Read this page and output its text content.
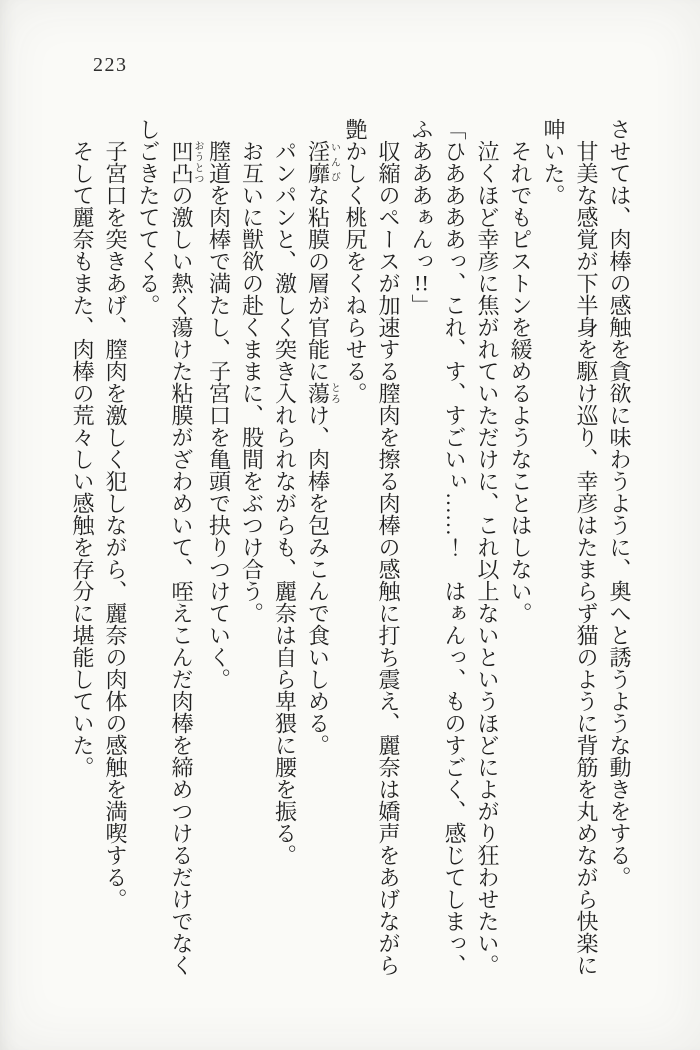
223

させては、肉棒の感触を貪欲に味わうように、奥へと誘うような動きをする。

甘美な感覚が下半身を駆け巡り、幸彦はたまらず猫のように背筋を丸めながら快楽に呻いた。

それでもピストンを緩めるようなことはしない。

泣くほど幸彦に焦がれていただけに、これ以上ないというほどによがり狂わせたい。

「ひああああっ、これ、す、すごいぃ……！　はぁんっ、ものすごく、感じてしまっ、ふあああぁんっ!!」

収縮のペースが加速する膣肉を擦る肉棒の感触に打ち震え、麗奈は嬌声をあげながら艶かしく桃尻をくねらせる。

淫靡いんびな粘膜の層が官能に蕩とろけ、肉棒を包みこんで食いしめる。

パンパンと、激しく突き入れられながらも、麗奈は自ら卑猥に腰を振る。

お互いに獣欲の赴くままに、股間をぶつけ合う。

膣道を肉棒で満たし、子宮口を亀頭で抉りつけていく。

凹凸おうとつの激しい熱く蕩けた粘膜がざわめいて、咥えこんだ肉棒を締めつけるだけでなくしごきたててくる。

子宮口を突きあげ、膣肉を激しく犯しながら、麗奈の肉体の感触を満喫する。

そして麗奈もまた、肉棒の荒々しい感触を存分に堪能していた。
